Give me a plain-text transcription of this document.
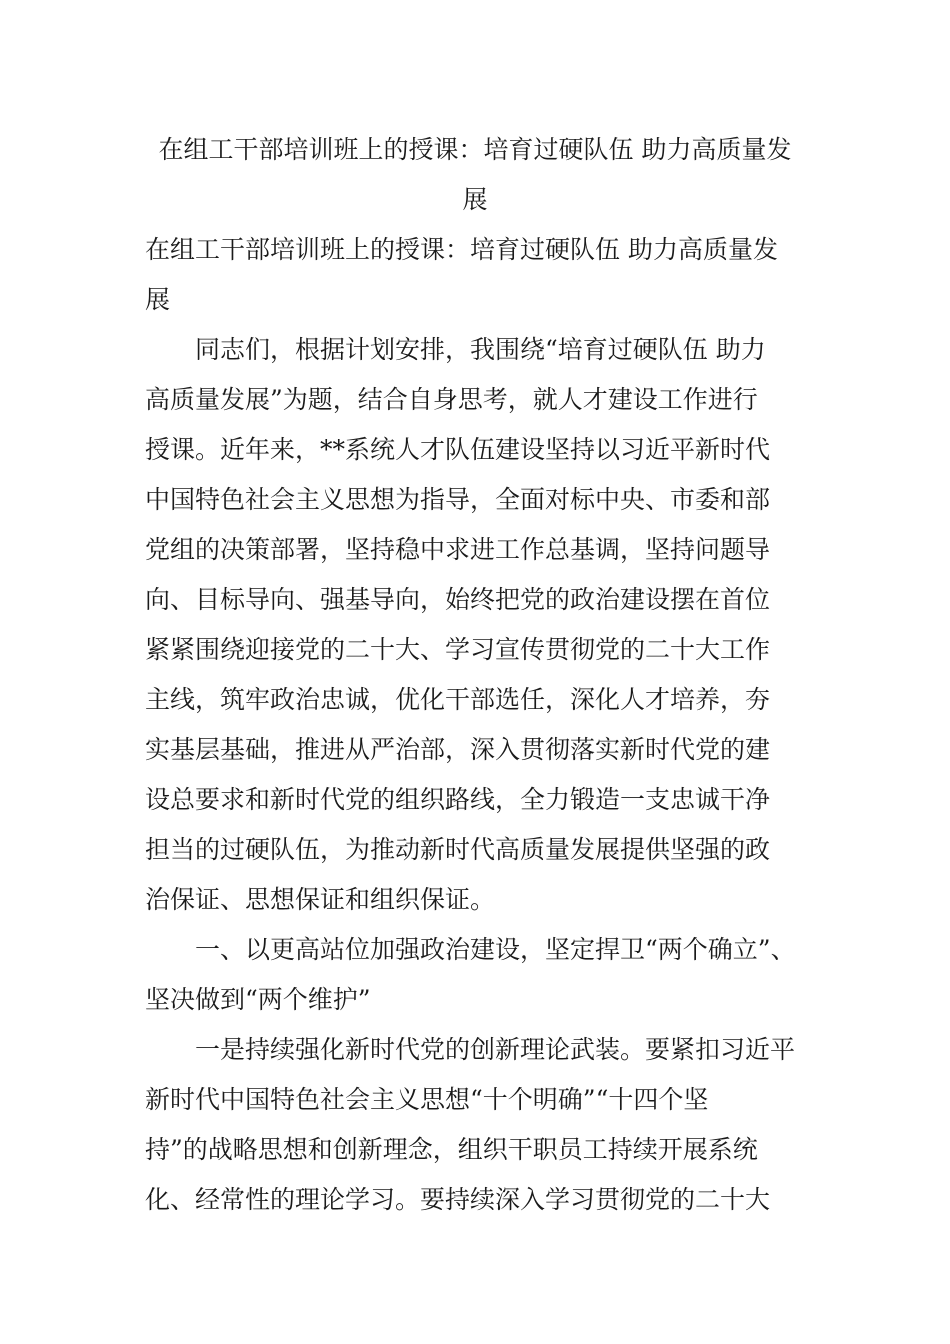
在组工干部培训班上的授课：培育过硬队伍 助力高质量发
展
在组工干部培训班上的授课：培育过硬队伍 助力高质量发
展
　　同志们，根据计划安排，我围绕“培育过硬队伍 助力
高质量发展”为题，结合自身思考，就人才建设工作进行
授课。近年来，**系统人才队伍建设坚持以习近平新时代
中国特色社会主义思想为指导，全面对标中央、市委和部
党组的决策部署，坚持稳中求进工作总基调，坚持问题导
向、目标导向、强基导向，始终把党的政治建设摆在首位
紧紧围绕迎接党的二十大、学习宣传贯彻党的二十大工作
主线，筑牢政治忠诚，优化干部选任，深化人才培养，夯
实基层基础，推进从严治部，深入贯彻落实新时代党的建
设总要求和新时代党的组织路线，全力锻造一支忠诚干净
担当的过硬队伍，为推动新时代高质量发展提供坚强的政
治保证、思想保证和组织保证。
　　一、以更高站位加强政治建设，坚定捍卫“两个确立”、
坚决做到“两个维护”
　　一是持续强化新时代党的创新理论武装。要紧扣习近平
新时代中国特色社会主义思想“十个明确”“十四个坚
持”的战略思想和创新理念，组织干职员工持续开展系统
化、经常性的理论学习。要持续深入学习贯彻党的二十大
